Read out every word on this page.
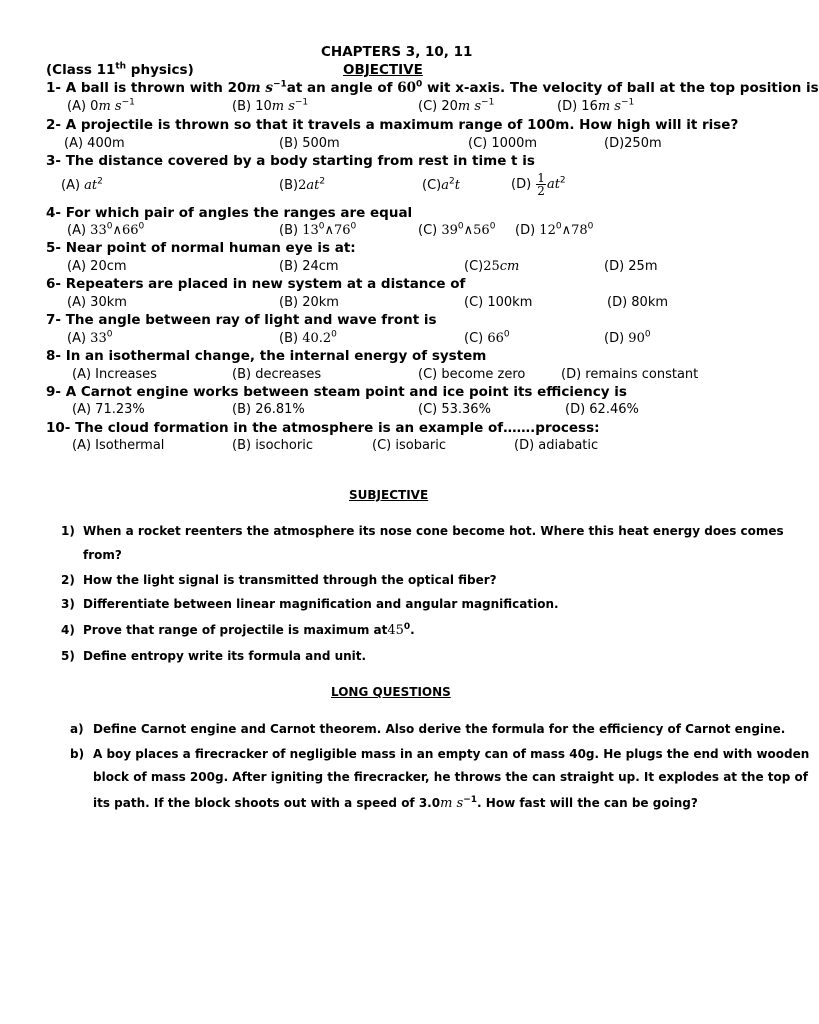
CHAPTERS 3, 10, 11
(Class 11th physics)	OBJECTIVE
1- A ball is thrown with 20m $s^{-1}at$ an angle of $60^0$ wit x-axis. The velocity of ball at the top position is
(A) 0m $s^{-1}$	(B) 10m $s^{-1}$	(C) 20m $s^{-1}$	(D) 16m $s^{-1}$
2- A projectile is thrown so that it travels a maximum range of 100m. How high will it rise?
(A) 400m	(B) 500m	(C) 1000m	(D)250m
3- The distance covered by a body starting from rest in time t is
(A) $at^2$	$(B)2at^2$	$(C)a^2t$	$(D) \frac{1}{2} at^2$
4- For which pair of angles the ranges are equal
(A) $33^0\wedge 66^0$	(B) $13^0\wedge 76^0$	(C) $39^0\wedge 56^0$ (D) $12^0\wedge 78^0$
5- Near point of normal human eye is at:
(A) 20cm	(B) 24cm	(C)25cm	(D) 25m
6- Repeaters are placed in new system at a distance of
(A) 30km	(B) 20km	(C) 100km	(D) 80km
7- The angle between ray of light and wave front is
(A) $33^0$	(B) 40.2$^0$	(C) $66^0$	(D) $90^0$
8- In an isothermal change, the internal energy of system
(A) Increases	(B) decreases	(C) become zero	(D) remains constant
9- A Carnot engine works between steam point and ice point its efficiency is
(A) 71.23%	(B) 26.81%	(C) 53.36%	(D) 62.46%
10- The cloud formation in the atmosphere is an example of…….process:
(A) Isothermal	(B) isochoric	(C) isobaric	(D) adiabatic
SUBJECTIVE
1) When a rocket reenters the atmosphere its nose cone become hot. Where this heat energy does comes
from?
2) How the light signal is transmitted through the optical fiber?
3) Differentiate between linear magnification and angular magnification.
4) Prove that range of projectile is maximum $at45^0$.
5) Define entropy write its formula and unit.
LONG QUESTIONS
a) Define Carnot engine and Carnot theorem. Also derive the formula for the efficiency of Carnot engine.
b) A boy places a firecracker of negligible mass in an empty can of mass 40g. He plugs the end with wooden
block of mass 200g. After igniting the firecracker, he throws the can straight up. It explodes at the top of
its path. If the block shoots out with a speed of 3.0m $s^{-1}$. How fast will the can be going?
